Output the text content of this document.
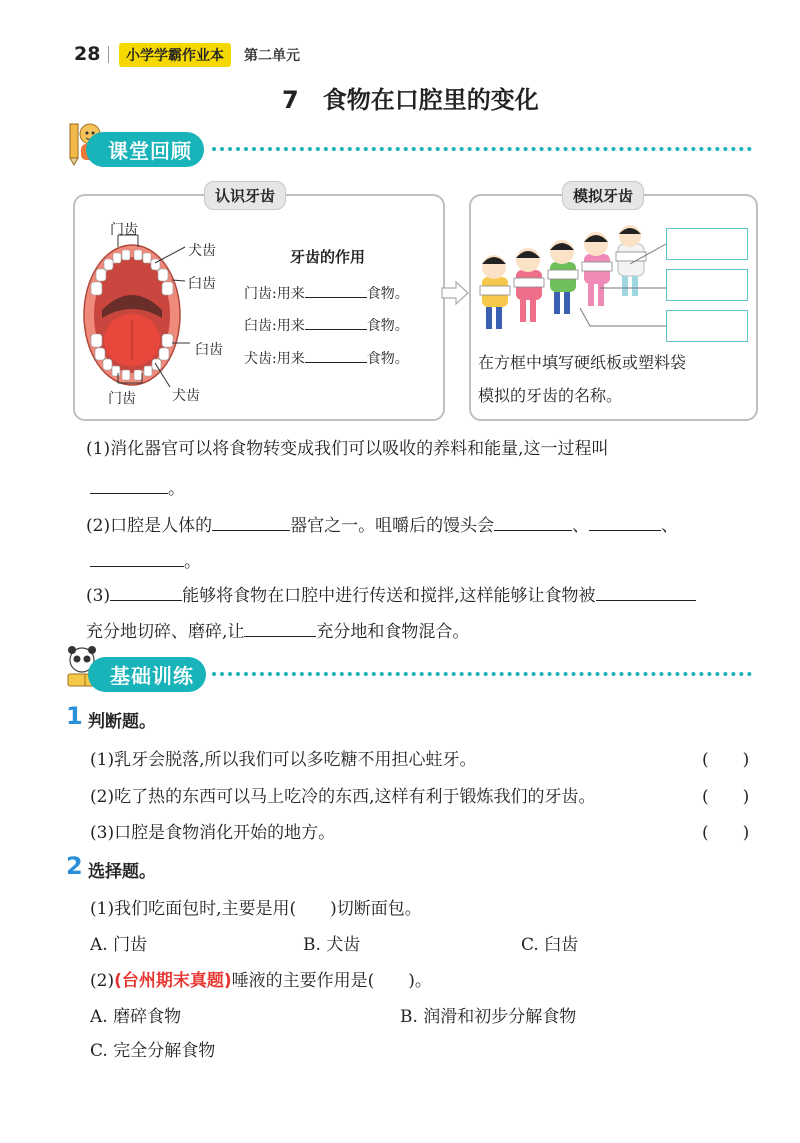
28	小学学霸作业本	第二单元
7　食物在口腔里的变化
课堂回顾
认识牙齿
门齿
犬齿
臼齿
臼齿
犬齿
门齿
牙齿的作用
门齿:用来	食物。
臼齿:用来	食物。
犬齿:用来	食物。
模拟牙齿
在方框中填写硬纸板或塑料袋
模拟的牙齿的名称。
(1)消化器官可以将食物转变成我们可以吸收的养料和能量,这一过程叫
。
(2)口腔是人体的	器官之一。咀嚼后的馒头会	、	、
。
(3)	能够将食物在口腔中进行传送和搅拌,这样能够让食物被
充分地切碎、磨碎,让	充分地和食物混合。
基础训练
1 判断题。
(1)乳牙会脱落,所以我们可以多吃糖不用担心蛀牙。	(　　)
(2)吃了热的东西可以马上吃冷的东西,这样有利于锻炼我们的牙齿。	(　　)
(3)口腔是食物消化开始的地方。	(　　)
2 选择题。
(1)我们吃面包时,主要是用( )切断面包。
A. 门齿	B. 犬齿	C. 臼齿
(2)(台州期末真题)唾液的主要作用是( )。
A. 磨碎食物	B. 润滑和初步分解食物
C. 完全分解食物
